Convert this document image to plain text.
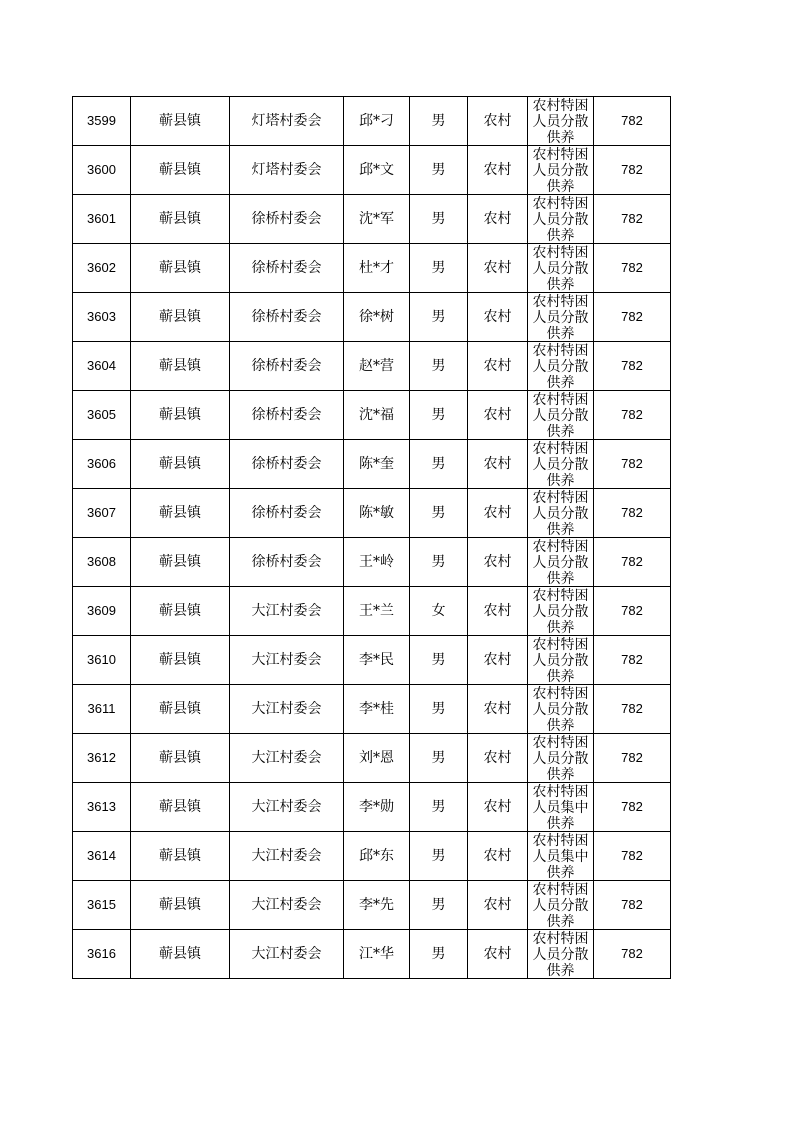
3599	蕲县镇	灯塔村委会	邱*刁	男	农村	农村特困人员分散供养	782
3600	蕲县镇	灯塔村委会	邱*文	男	农村	农村特困人员分散供养	782
3601	蕲县镇	徐桥村委会	沈*军	男	农村	农村特困人员分散供养	782
3602	蕲县镇	徐桥村委会	杜*才	男	农村	农村特困人员分散供养	782
3603	蕲县镇	徐桥村委会	徐*树	男	农村	农村特困人员分散供养	782
3604	蕲县镇	徐桥村委会	赵*营	男	农村	农村特困人员分散供养	782
3605	蕲县镇	徐桥村委会	沈*福	男	农村	农村特困人员分散供养	782
3606	蕲县镇	徐桥村委会	陈*奎	男	农村	农村特困人员分散供养	782
3607	蕲县镇	徐桥村委会	陈*敏	男	农村	农村特困人员分散供养	782
3608	蕲县镇	徐桥村委会	王*岭	男	农村	农村特困人员分散供养	782
3609	蕲县镇	大江村委会	王*兰	女	农村	农村特困人员分散供养	782
3610	蕲县镇	大江村委会	李*民	男	农村	农村特困人员分散供养	782
3611	蕲县镇	大江村委会	李*桂	男	农村	农村特困人员分散供养	782
3612	蕲县镇	大江村委会	刘*恩	男	农村	农村特困人员分散供养	782
3613	蕲县镇	大江村委会	李*勋	男	农村	农村特困人员集中供养	782
3614	蕲县镇	大江村委会	邱*东	男	农村	农村特困人员集中供养	782
3615	蕲县镇	大江村委会	李*先	男	农村	农村特困人员分散供养	782
3616	蕲县镇	大江村委会	江*华	男	农村	农村特困人员分散供养	782
